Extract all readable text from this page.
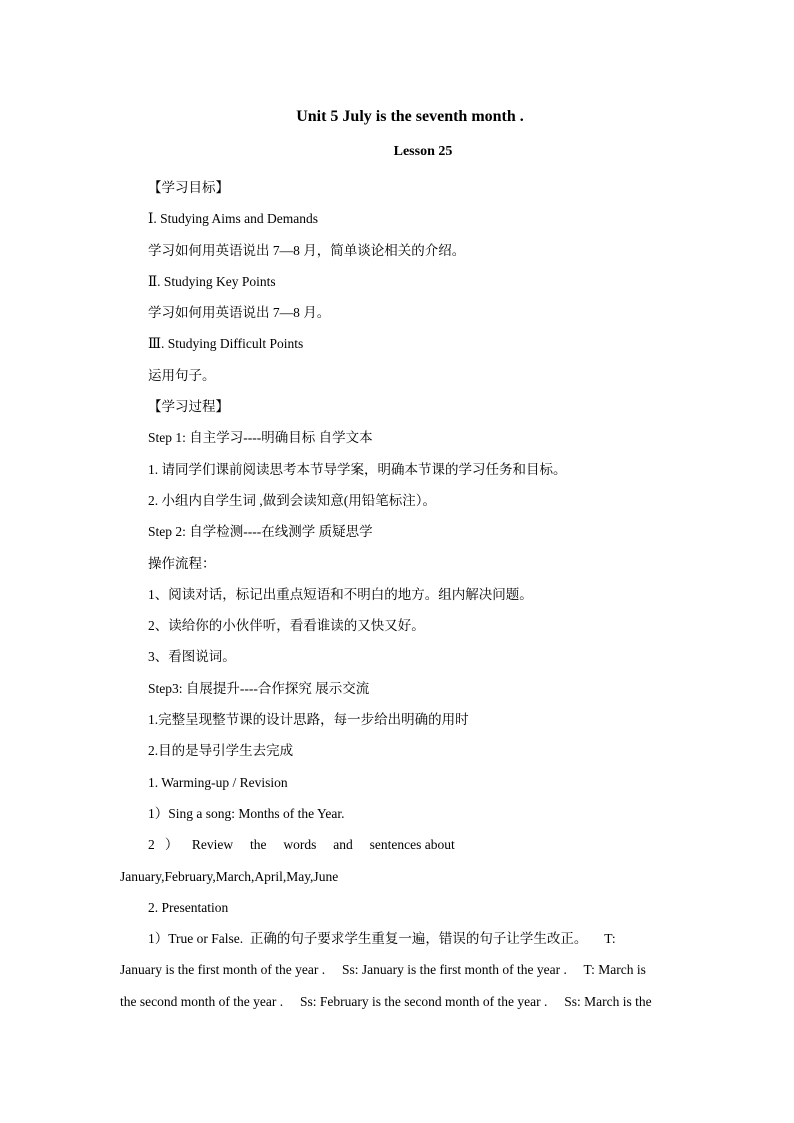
Unit 5 July is the seventh month .
Lesson 25
【学习目标】
Ⅰ. Studying Aims and Demands
学习如何用英语说出 7—8 月，简单谈论相关的介绍。
Ⅱ. Studying Key Points
学习如何用英语说出 7—8 月。
Ⅲ. Studying Difficult Points
运用句子。
【学习过程】
Step 1: 自主学习----明确目标 自学文本
1. 请同学们课前阅读思考本节导学案，明确本节课的学习任务和目标。
2. 小组内自学生词 ,做到会读知意(用铅笔标注）。
Step 2: 自学检测----在线测学 质疑思学
操作流程：
1、阅读对话，标记出重点短语和不明白的地方。组内解决问题。
2、读给你的小伙伴听，看看谁读的又快又好。
3、看图说词。
Step3: 自展提升----合作探究 展示交流
1.完整呈现整节课的设计思路，每一步给出明确的用时
2.目的是导引学生去完成
1. Warming-up / Revision
1）Sing a song: Months of the Year.
2   ）    Review     the     words     and     sentences about
January,February,March,April,May,June
2. Presentation
1）True or False.  正确的句子要求学生重复一遍，错误的句子让学生改正。     T:
January is the first month of the year .     Ss: January is the first month of the year .     T: March is
the second month of the year .     Ss: February is the second month of the year .     Ss: March is the
